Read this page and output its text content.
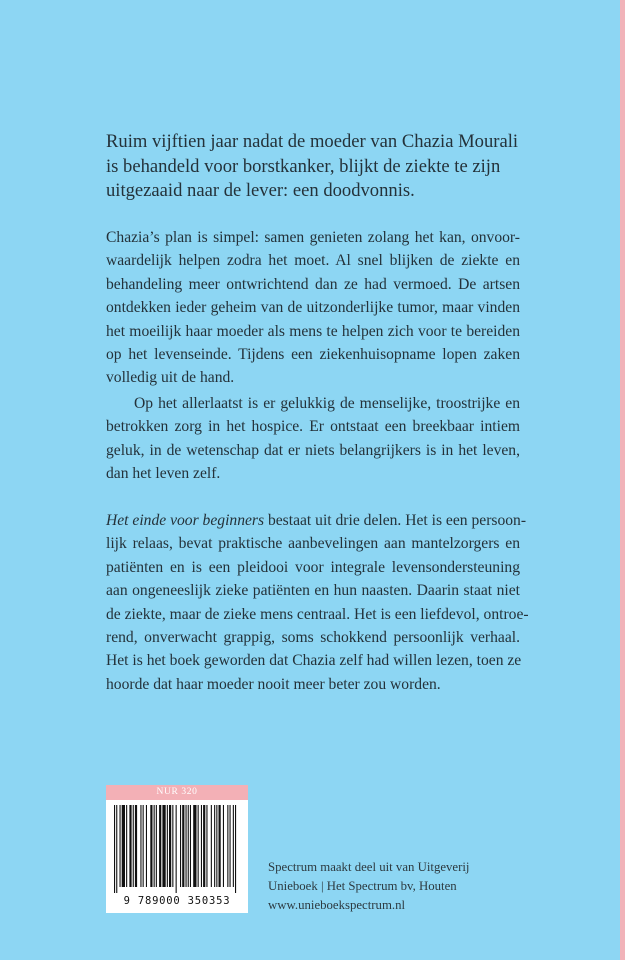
Ruim vijftien jaar nadat de moeder van Chazia Mourali
is behandeld voor borstkanker, blijkt de ziekte te zijn
uitgezaaid naar de lever: een doodvonnis.

Chazia’s plan is simpel: samen genieten zolang het kan, onvoor-
waardelijk helpen zodra het moet. Al snel blijken de ziekte en
behandeling meer ontwrichtend dan ze had vermoed. De artsen
ontdekken ieder geheim van de uitzonderlijke tumor, maar vinden
het moeilijk haar moeder als mens te helpen zich voor te bereiden
op het levenseinde. Tijdens een ziekenhuisopname lopen zaken
volledig uit de hand.

Op het allerlaatst is er gelukkig de menselijke, troostrijke en
betrokken zorg in het hospice. Er ontstaat een breekbaar intiem
geluk, in de wetenschap dat er niets belangrijkers is in het leven,
dan het leven zelf.

Het einde voor beginners bestaat uit drie delen. Het is een persoon-
lijk relaas, bevat praktische aanbevelingen aan mantelzorgers en
patiënten en is een pleidooi voor integrale levensondersteuning
aan ongeneeslijk zieke patiënten en hun naasten. Daarin staat niet
de ziekte, maar de zieke mens centraal. Het is een liefdevol, ontroe-
rend, onverwacht grappig, soms schokkend persoonlijk verhaal.
Het is het boek geworden dat Chazia zelf had willen lezen, toen ze
hoorde dat haar moeder nooit meer beter zou worden.

NUR 320
9 789000 350353

Spectrum maakt deel uit van Uitgeverij
Unieboek | Het Spectrum bv, Houten
www.unieboekspectrum.nl
